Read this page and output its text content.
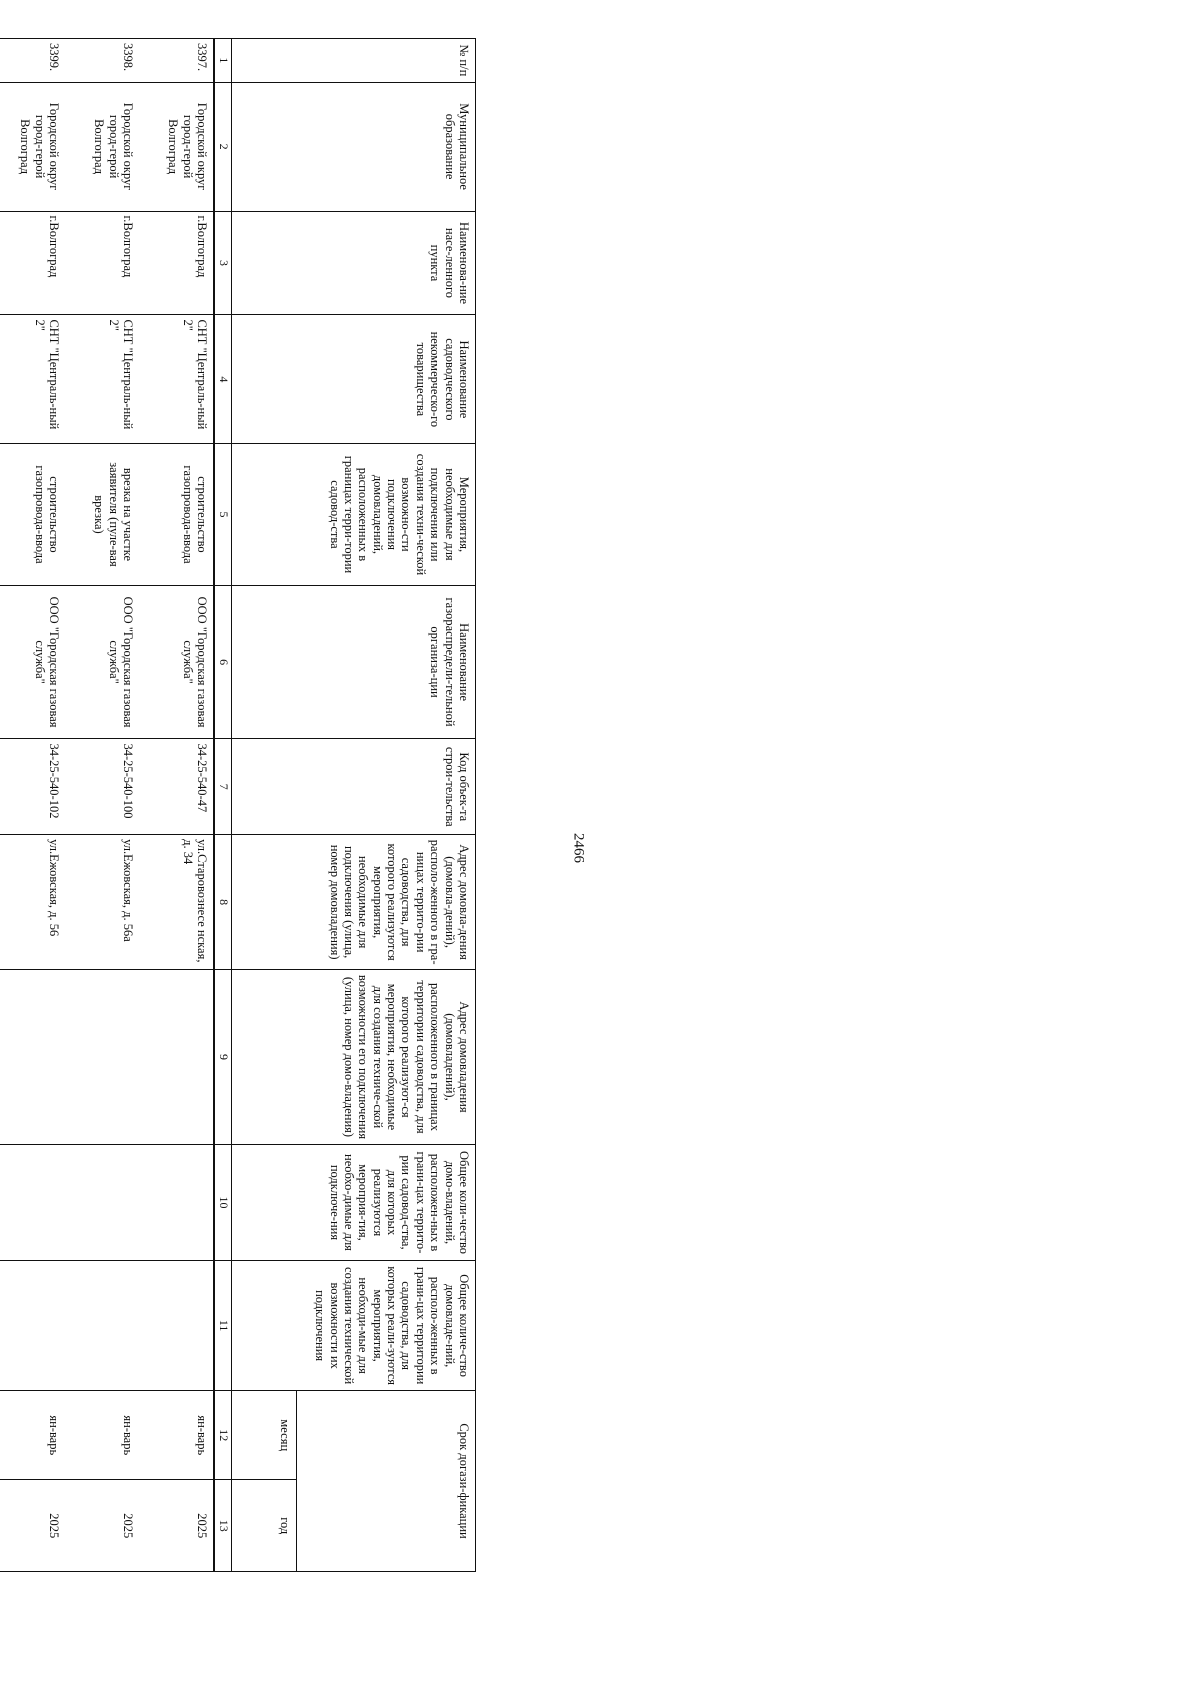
2466
№ п/п	Муниципальное образование	Наименова-ние насе-ленного пункта	Наименование садоводческого некоммерческо-го товарищества	Мероприятия, необходимые для подключения или создания техни-ческой возможно-сти подключения домовладений, расположенных в границах терри-тории садовод-ства	Наименование газораспредели-тельной организа-ции	Код объек-та строи-тельства	Адрес домовла-дения (домовла-дений), располо-женного в гра-ницах террито-рии садоводства, для которого реализуются мероприятия, необходимые для подключения (улица, номер домовладения)	Адрес домовладения (домовладений), расположенного в границах территории садоводства, для которого реализуют-ся мероприятия, необходимые для создания техниче-ской возможности его подключения (улица, номер домо-владения)	Общее коли-чество домо-владений, расположен-ных в грани-цах террито-рии садовод-ства, для которых реализуются мероприя-тия, необхо-димые для подключе-ния	Общее количе-ство домовладе-ний, располо-женных в грани-цах территории садоводства, для которых реали-зуются мероприятия, необходи-мые для создания технической возможности их подключения	Срок догази-фикации	
											месяц	год
1	2	3	4	5	6	7	8	9	10	11	12	13
3397.	Городской округ город-герой Волгоград	г.Волгоград	СНТ "Централь-ный 2"	строительство газопровода-ввода	ООО "Городская газовая служба"	34-25-540-47	ул.Старовознесе нская, д. 34				ян-варь	2025
3398.	Городской округ город-герой Волгоград	г.Волгоград	СНТ "Централь-ный 2"	врезка на участке заявителя (пуле-вая врезка)	ООО "Городская газовая служба"	34-25-540-100	ул.Ежовская, д. 56а				ян-варь	2025
3399.	Городской округ город-герой Волгоград	г.Волгоград	СНТ "Централь-ный 2"	строительство газопровода-ввода	ООО "Городская газовая служба"	34-25-540-102	ул.Ежовская, д. 56				ян-варь	2025
